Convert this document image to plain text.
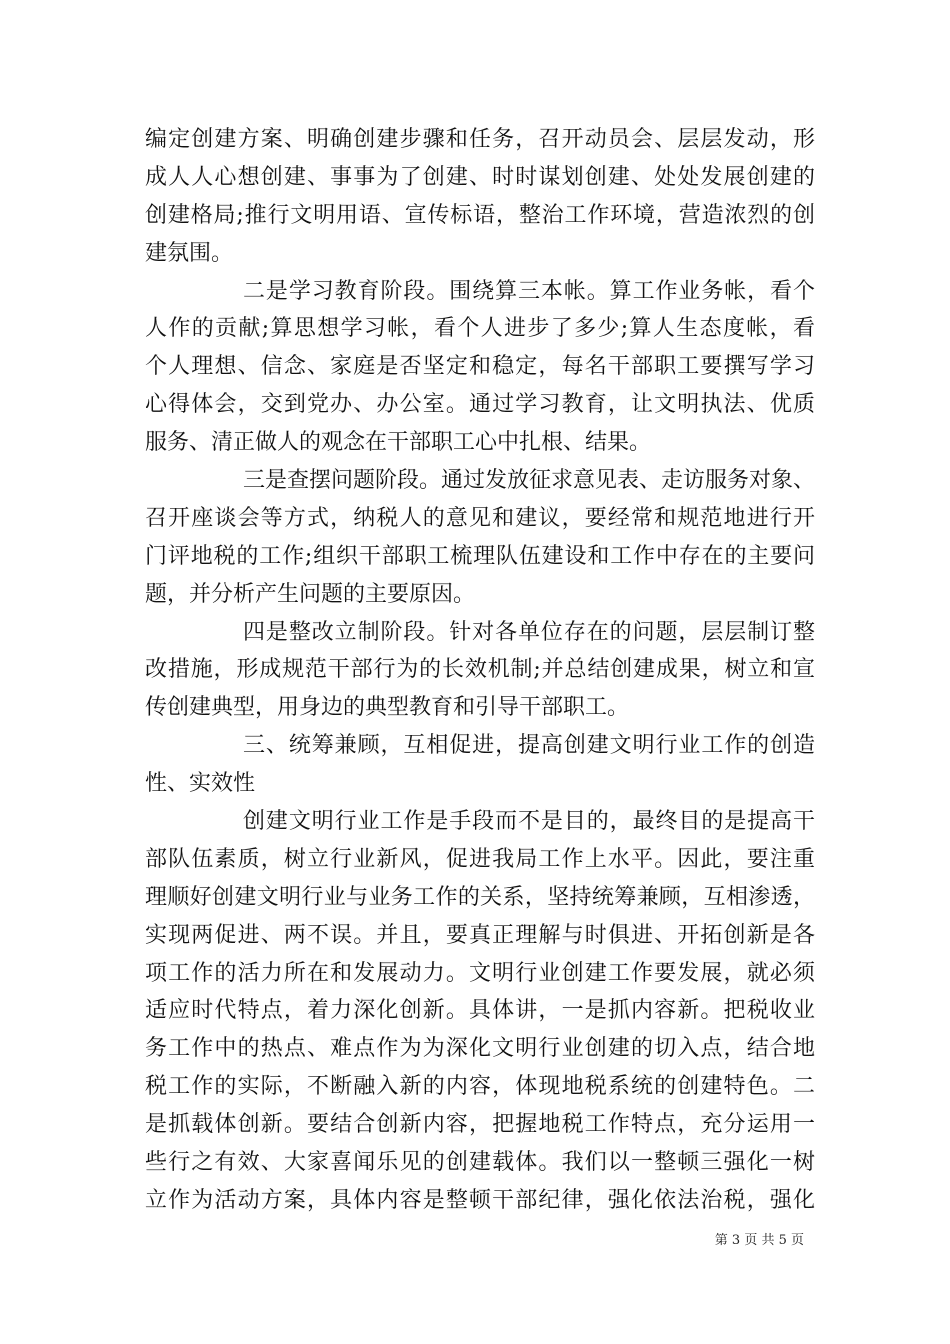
编定创建方案、明确创建步骤和任务，召开动员会、层层发动，形
成人人心想创建、事事为了创建、时时谋划创建、处处发展创建的
创建格局;推行文明用语、宣传标语，整治工作环境，营造浓烈的创
建氛围。
二是学习教育阶段。围绕算三本帐。算工作业务帐，看个
人作的贡献;算思想学习帐，看个人进步了多少;算人生态度帐，看
个人理想、信念、家庭是否坚定和稳定，每名干部职工要撰写学习
心得体会，交到党办、办公室。通过学习教育，让文明执法、优质
服务、清正做人的观念在干部职工心中扎根、结果。
三是查摆问题阶段。通过发放征求意见表、走访服务对象、
召开座谈会等方式，纳税人的意见和建议，要经常和规范地进行开
门评地税的工作;组织干部职工梳理队伍建设和工作中存在的主要问
题，并分析产生问题的主要原因。
四是整改立制阶段。针对各单位存在的问题，层层制订整
改措施，形成规范干部行为的长效机制;并总结创建成果，树立和宣
传创建典型，用身边的典型教育和引导干部职工。
三、统筹兼顾，互相促进，提高创建文明行业工作的创造
性、实效性
创建文明行业工作是手段而不是目的，最终目的是提高干
部队伍素质，树立行业新风，促进我局工作上水平。因此，要注重
理顺好创建文明行业与业务工作的关系，坚持统筹兼顾，互相渗透，
实现两促进、两不误。并且，要真正理解与时俱进、开拓创新是各
项工作的活力所在和发展动力。文明行业创建工作要发展，就必须
适应时代特点，着力深化创新。具体讲，一是抓内容新。把税收业
务工作中的热点、难点作为为深化文明行业创建的切入点，结合地
税工作的实际，不断融入新的内容，体现地税系统的创建特色。二
是抓载体创新。要结合创新内容，把握地税工作特点，充分运用一
些行之有效、大家喜闻乐见的创建载体。我们以一整顿三强化一树
立作为活动方案，具体内容是整顿干部纪律，强化依法治税，强化
第 3 页 共 5 页
